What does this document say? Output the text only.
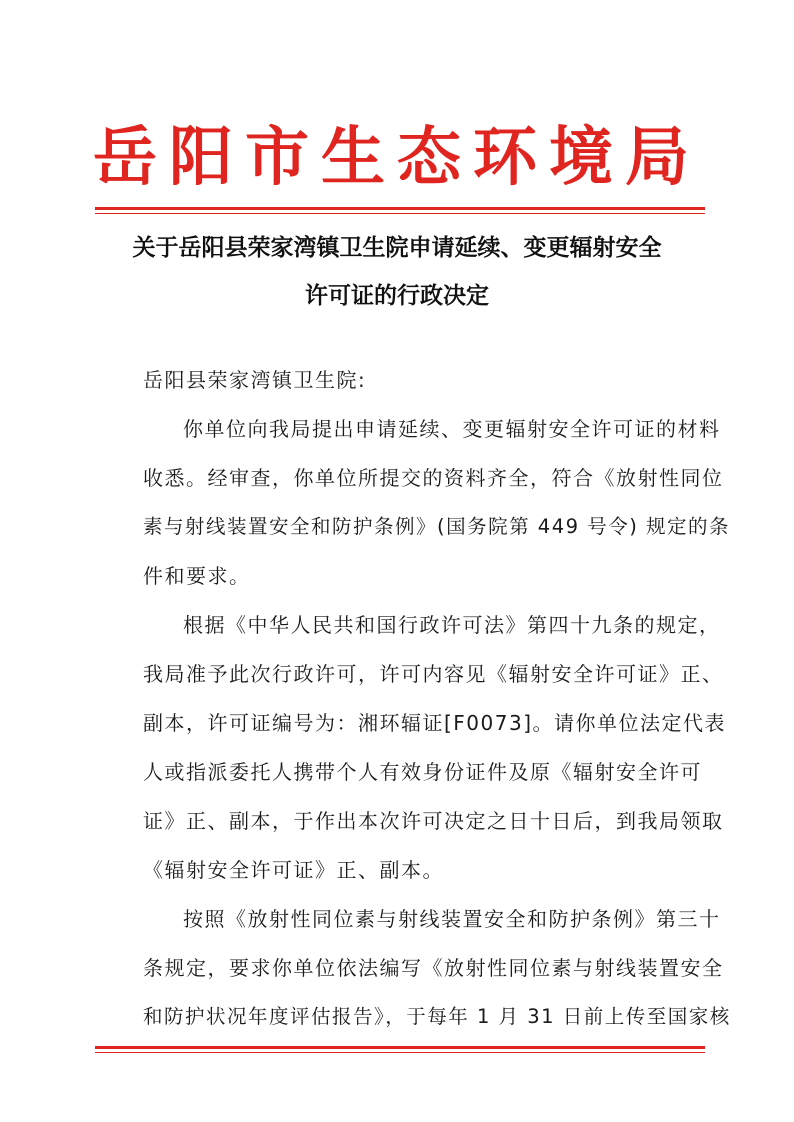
岳阳市生态环境局
关于岳阳县荣家湾镇卫生院申请延续、变更辐射安全
许可证的行政决定
岳阳县荣家湾镇卫生院:
你单位向我局提出申请延续、变更辐射安全许可证的材料
收悉。经审查，你单位所提交的资料齐全，符合《放射性同位
素与射线装置安全和防护条例》(国务院第 449 号令) 规定的条
件和要求。
根据《中华人民共和国行政许可法》第四十九条的规定，
我局准予此次行政许可，许可内容见《辐射安全许可证》正、
副本，许可证编号为：湘环辐证[F0073]。请你单位法定代表
人或指派委托人携带个人有效身份证件及原《辐射安全许可
证》正、副本，于作出本次许可决定之日十日后，到我局领取
《辐射安全许可证》正、副本。
按照《放射性同位素与射线装置安全和防护条例》第三十
条规定，要求你单位依法编写《放射性同位素与射线装置安全
和防护状况年度评估报告》，于每年 1 月 31 日前上传至国家核
